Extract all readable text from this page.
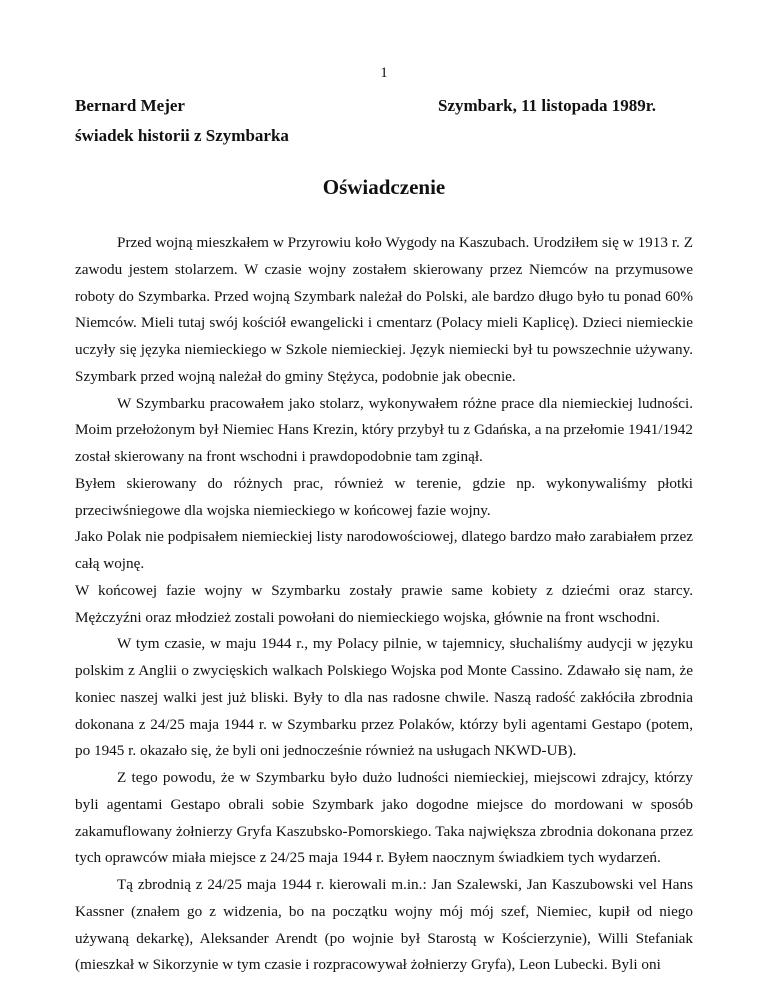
1
Bernard Mejer	Szymbark, 11 listopada 1989r.
świadek historii z Szymbarka
Oświadczenie

Przed wojną mieszkałem w Przyrowiu koło Wygody na Kaszubach. Urodziłem się w 1913 r. Z zawodu jestem stolarzem. W czasie wojny zostałem skierowany przez Niemców na przymusowe roboty do Szymbarka. Przed wojną Szymbark należał do Polski, ale bardzo długo było tu ponad 60% Niemców. Mieli tutaj swój kościół ewangelicki i cmentarz (Polacy mieli Kaplicę). Dzieci niemieckie uczyły się języka niemieckiego w Szkole niemieckiej. Język niemiecki był tu powszechnie używany. Szymbark przed wojną należał do gminy Stężyca, podobnie jak obecnie.

W Szymbarku pracowałem jako stolarz, wykonywałem różne prace dla niemieckiej ludności. Moim przełożonym był Niemiec Hans Krezin, który przybył tu z Gdańska, a na przełomie 1941/1942 został skierowany na front wschodni i prawdopodobnie tam zginął.

Byłem skierowany do różnych prac, również w terenie, gdzie np. wykonywaliśmy płotki przeciwśniegowe dla wojska niemieckiego w końcowej fazie wojny.

Jako Polak nie podpisałem niemieckiej listy narodowościowej, dlatego bardzo mało zarabiałem przez całą wojnę.

W końcowej fazie wojny w Szymbarku zostały prawie same kobiety z dziećmi oraz starcy. Mężczyźni oraz młodzież zostali powołani do niemieckiego wojska, głównie na front wschodni.

W tym czasie, w maju 1944 r., my Polacy pilnie, w tajemnicy, słuchaliśmy audycji w języku polskim z Anglii o zwycięskich walkach Polskiego Wojska pod Monte Cassino. Zdawało się nam, że koniec naszej walki jest już bliski. Były to dla nas radosne chwile. Naszą radość zakłóciła zbrodnia dokonana z 24/25 maja 1944 r. w Szymbarku przez Polaków, którzy byli agentami Gestapo (potem, po 1945 r. okazało się, że byli oni jednocześnie również na usługach NKWD-UB).

Z tego powodu, że w Szymbarku było dużo ludności niemieckiej, miejscowi zdrajcy, którzy byli agentami Gestapo obrali sobie Szymbark jako dogodne miejsce do mordowani w sposób zakamuflowany żołnierzy Gryfa Kaszubsko-Pomorskiego. Taka największa zbrodnia dokonana przez tych oprawców miała miejsce z 24/25 maja 1944 r. Byłem naocznym świadkiem tych wydarzeń.

Tą zbrodnią z 24/25 maja 1944 r. kierowali m.in.: Jan Szalewski, Jan Kaszubowski vel Hans Kassner (znałem go z widzenia, bo na początku wojny mój mój szef, Niemiec, kupił od niego używaną dekarkę), Aleksander Arendt (po wojnie był Starostą w Kościerzynie), Willi Stefaniak (mieszkał w Sikorzynie w tym czasie i rozpracowywał żołnierzy Gryfa), Leon Lubecki. Byli oni
